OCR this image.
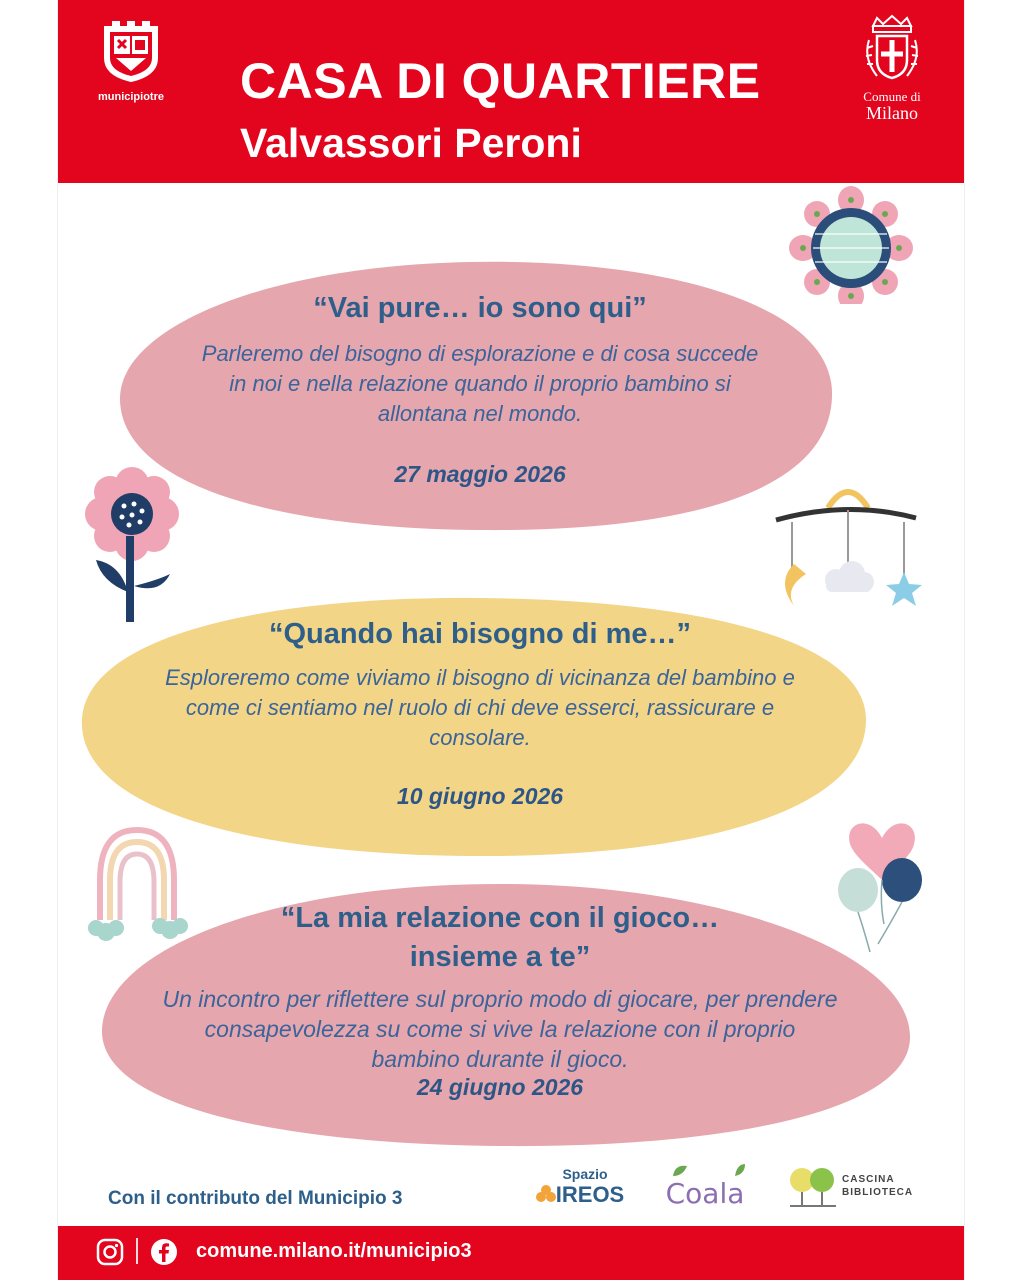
municipiotre CASA DI QUARTIERE
Valvassori Peroni
Comune di
Milano
“Vai pure… io sono qui”
Parleremo del bisogno di esplorazione e di cosa succede in noi e nella relazione quando il proprio bambino si allontana nel mondo.
27 maggio 2026
“Quando hai bisogno di me…”
Esploreremo come viviamo il bisogno di vicinanza del bambino e come ci sentiamo nel ruolo di chi deve esserci, rassicurare e consolare.
10 giugno 2026
“La mia relazione con il gioco…
insieme a te”
Un incontro per riflettere sul proprio modo di giocare, per prendere consapevolezza su come si vive la relazione con il proprio bambino durante il gioco.
24 giugno 2026
Con il contributo del Municipio 3
Spazio
IREOS Coala	CASCINA
BIBLIOTECA
comune.milano.it/municipio3
